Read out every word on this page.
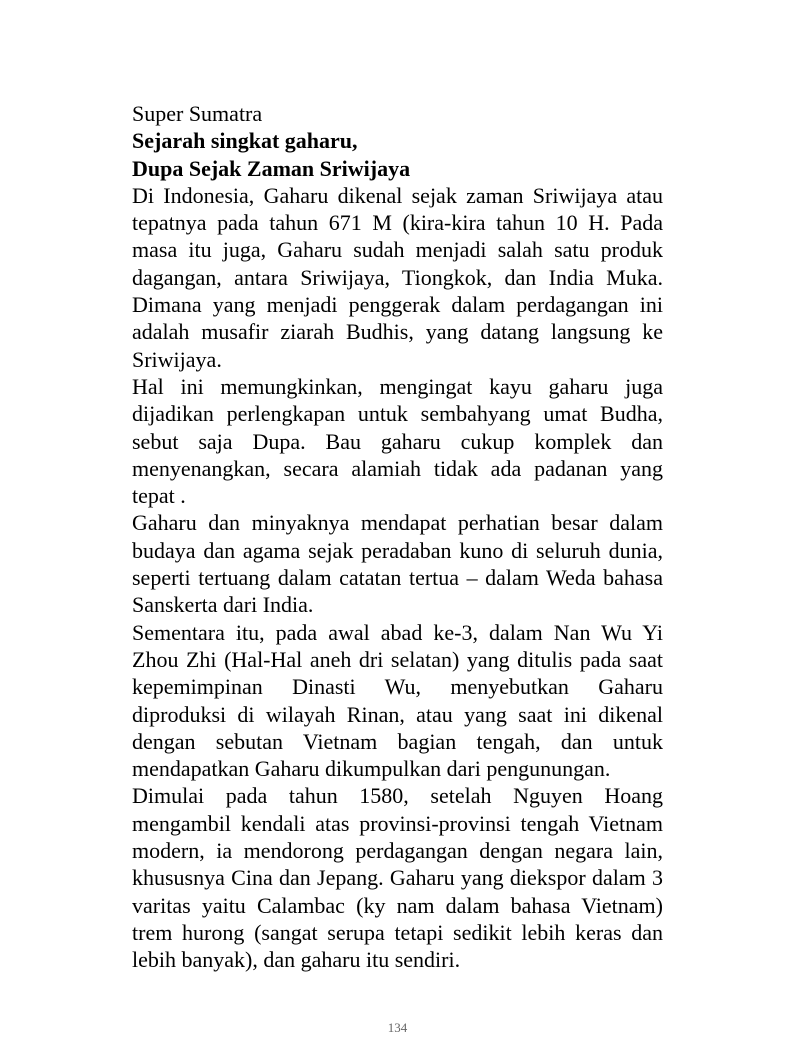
Super Sumatra
Sejarah singkat gaharu,
Dupa Sejak Zaman Sriwijaya
Di Indonesia, Gaharu dikenal sejak zaman Sriwijaya atau
tepatnya pada tahun 671 M (kira-kira tahun 10 H. Pada
masa itu juga, Gaharu sudah menjadi salah satu produk
dagangan, antara Sriwijaya, Tiongkok, dan India Muka.
Dimana yang menjadi penggerak dalam perdagangan ini
adalah musafir ziarah Budhis, yang datang langsung ke
Sriwijaya.
Hal ini memungkinkan, mengingat kayu gaharu juga
dijadikan perlengkapan untuk sembahyang umat Budha,
sebut saja Dupa. Bau gaharu cukup komplek dan
menyenangkan, secara alamiah tidak ada padanan yang
tepat .
Gaharu dan minyaknya mendapat perhatian besar dalam
budaya dan agama sejak peradaban kuno di seluruh dunia,
seperti tertuang dalam catatan tertua – dalam Weda bahasa
Sanskerta dari India.
Sementara itu, pada awal abad ke-3, dalam Nan Wu Yi
Zhou Zhi (Hal-Hal aneh dri selatan) yang ditulis pada saat
kepemimpinan Dinasti Wu, menyebutkan Gaharu
diproduksi di wilayah Rinan, atau yang saat ini dikenal
dengan sebutan Vietnam bagian tengah, dan untuk
mendapatkan Gaharu dikumpulkan dari pengunungan.
Dimulai pada tahun 1580, setelah Nguyen Hoang
mengambil kendali atas provinsi-provinsi tengah Vietnam
modern, ia mendorong perdagangan dengan negara lain,
khususnya Cina dan Jepang. Gaharu yang diekspor dalam 3
varitas yaitu Calambac (ky nam dalam bahasa Vietnam)
trem hurong (sangat serupa tetapi sedikit lebih keras dan
lebih banyak), dan gaharu itu sendiri.
134
